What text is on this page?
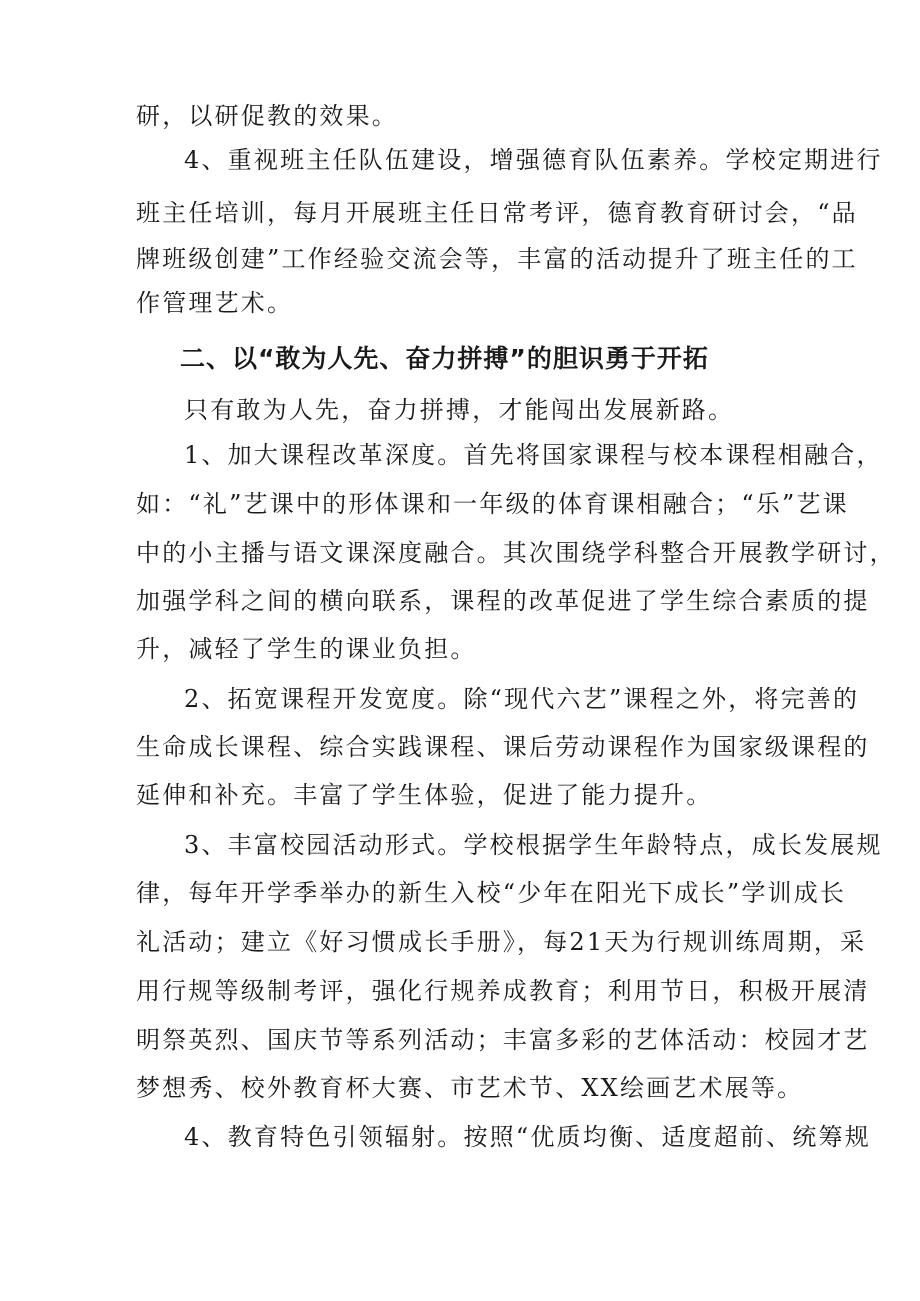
研，以研促教的效果。
4、重视班主任队伍建设，增强德育队伍素养。学校定期进行
班主任培训，每月开展班主任日常考评，德育教育研讨会，“品
牌班级创建”工作经验交流会等，丰富的活动提升了班主任的工
作管理艺术。
二、以“敢为人先、奋力拼搏”的胆识勇于开拓
只有敢为人先，奋力拼搏，才能闯出发展新路。
1、加大课程改革深度。首先将国家课程与校本课程相融合，
如：“礼”艺课中的形体课和一年级的体育课相融合；“乐”艺课
中的小主播与语文课深度融合。其次围绕学科整合开展教学研讨，
加强学科之间的横向联系，课程的改革促进了学生综合素质的提
升，减轻了学生的课业负担。
2、拓宽课程开发宽度。除“现代六艺”课程之外，将完善的
生命成长课程、综合实践课程、课后劳动课程作为国家级课程的
延伸和补充。丰富了学生体验，促进了能力提升。
3、丰富校园活动形式。学校根据学生年龄特点，成长发展规
律，每年开学季举办的新生入校“少年在阳光下成长”学训成长
礼活动；建立《好习惯成长手册》，每21天为行规训练周期，采
用行规等级制考评，强化行规养成教育；利用节日，积极开展清
明祭英烈、国庆节等系列活动；丰富多彩的艺体活动：校园才艺
梦想秀、校外教育杯大赛、市艺术节、XX绘画艺术展等。
4、教育特色引领辐射。按照“优质均衡、适度超前、统筹规
